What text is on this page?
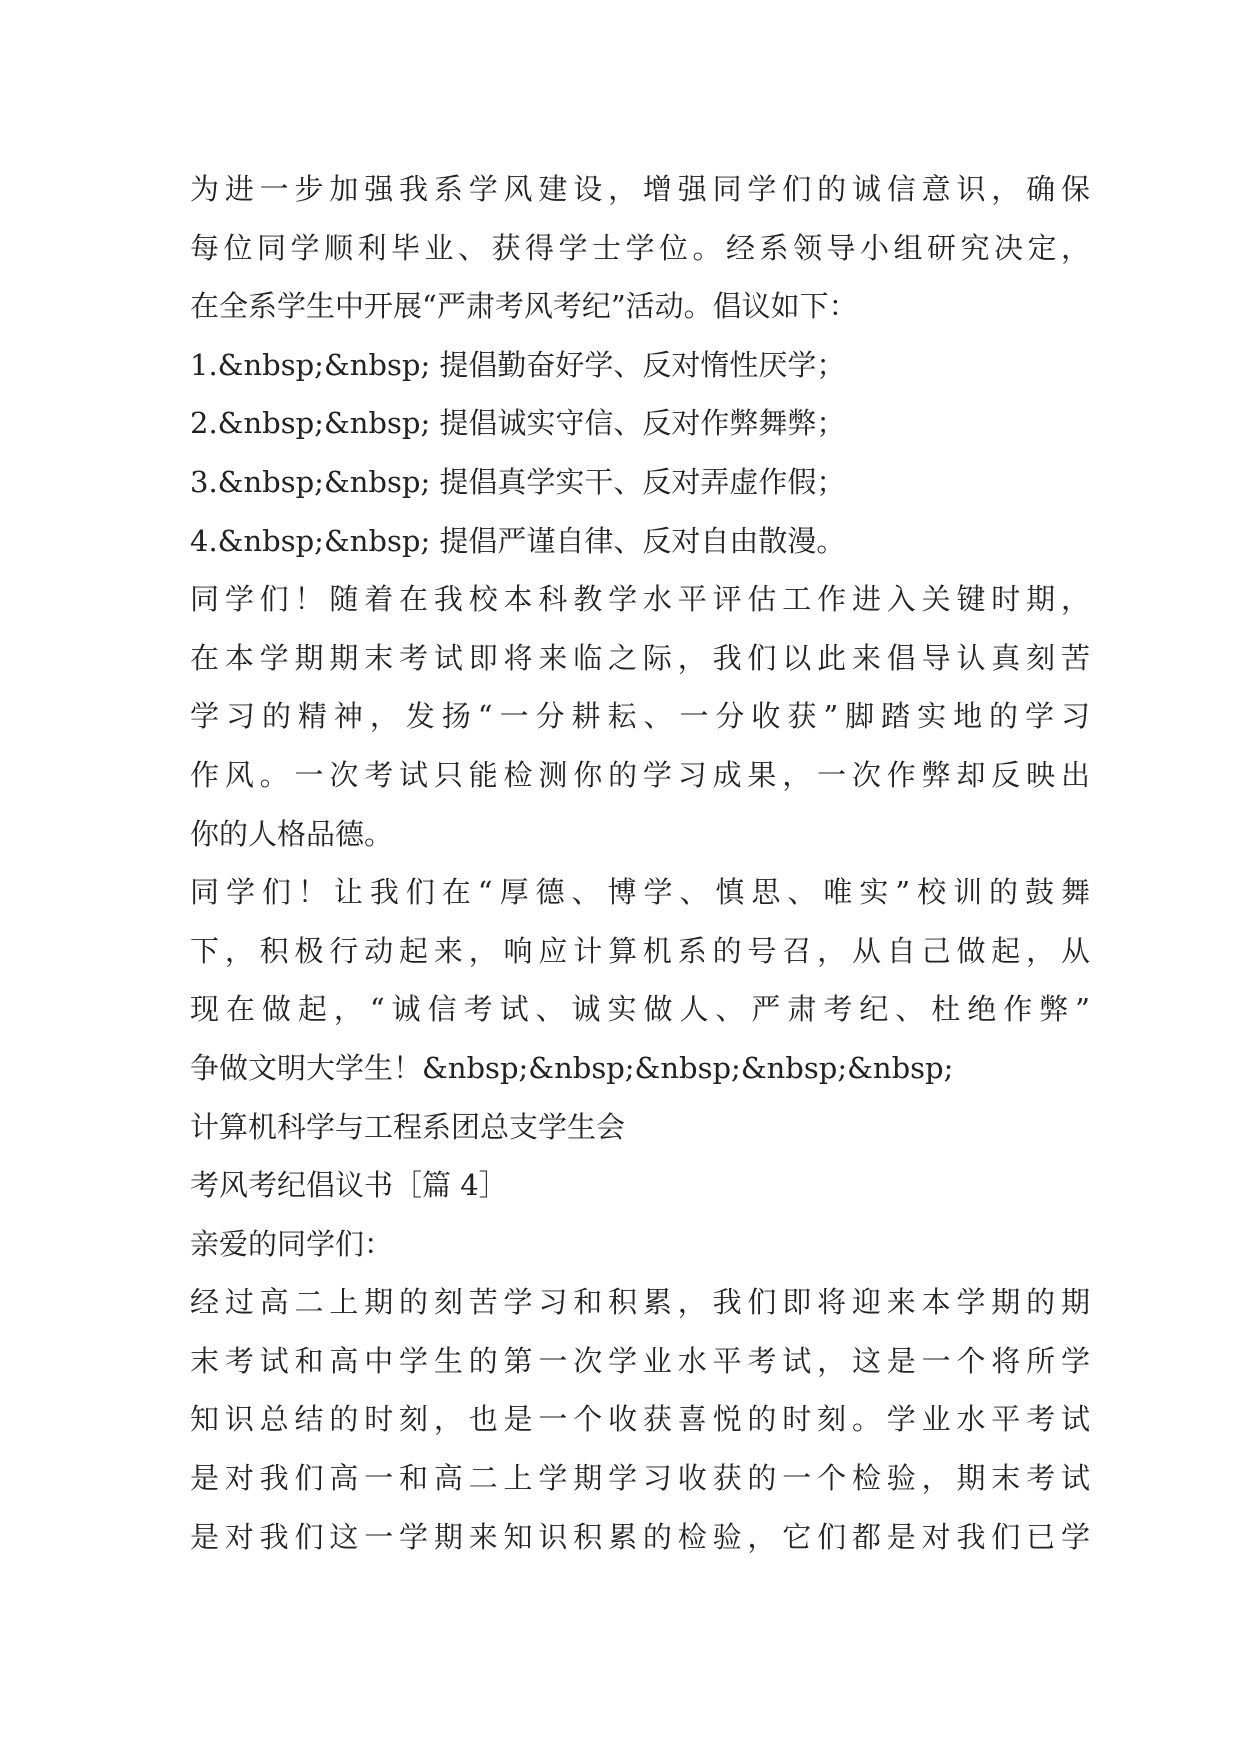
为进一步加强我系学风建设，增强同学们的诚信意识，确保
每位同学顺利毕业、获得学士学位。经系领导小组研究决定，
在全系学生中开展“严肃考风考纪”活动。倡议如下：
1.&nbsp;&nbsp; 提倡勤奋好学、反对惰性厌学；
2.&nbsp;&nbsp; 提倡诚实守信、反对作弊舞弊；
3.&nbsp;&nbsp; 提倡真学实干、反对弄虚作假；
4.&nbsp;&nbsp; 提倡严谨自律、反对自由散漫。
同学们！随着在我校本科教学水平评估工作进入关键时期，
在本学期期末考试即将来临之际，我们以此来倡导认真刻苦
学习的精神，发扬“一分耕耘、一分收获”脚踏实地的学习
作风。一次考试只能检测你的学习成果，一次作弊却反映出
你的人格品德。
同学们！让我们在“厚德、博学、慎思、唯实”校训的鼓舞
下，积极行动起来，响应计算机系的号召，从自己做起，从
现在做起，“诚信考试、诚实做人、严肃考纪、杜绝作弊”
争做文明大学生！&nbsp;&nbsp;&nbsp;&nbsp;&nbsp;
计算机科学与工程系团总支学生会
考风考纪倡议书［篇 4］
亲爱的同学们：
经过高二上期的刻苦学习和积累，我们即将迎来本学期的期
末考试和高中学生的第一次学业水平考试，这是一个将所学
知识总结的时刻，也是一个收获喜悦的时刻。学业水平考试
是对我们高一和高二上学期学习收获的一个检验，期末考试
是对我们这一学期来知识积累的检验，它们都是对我们已学
